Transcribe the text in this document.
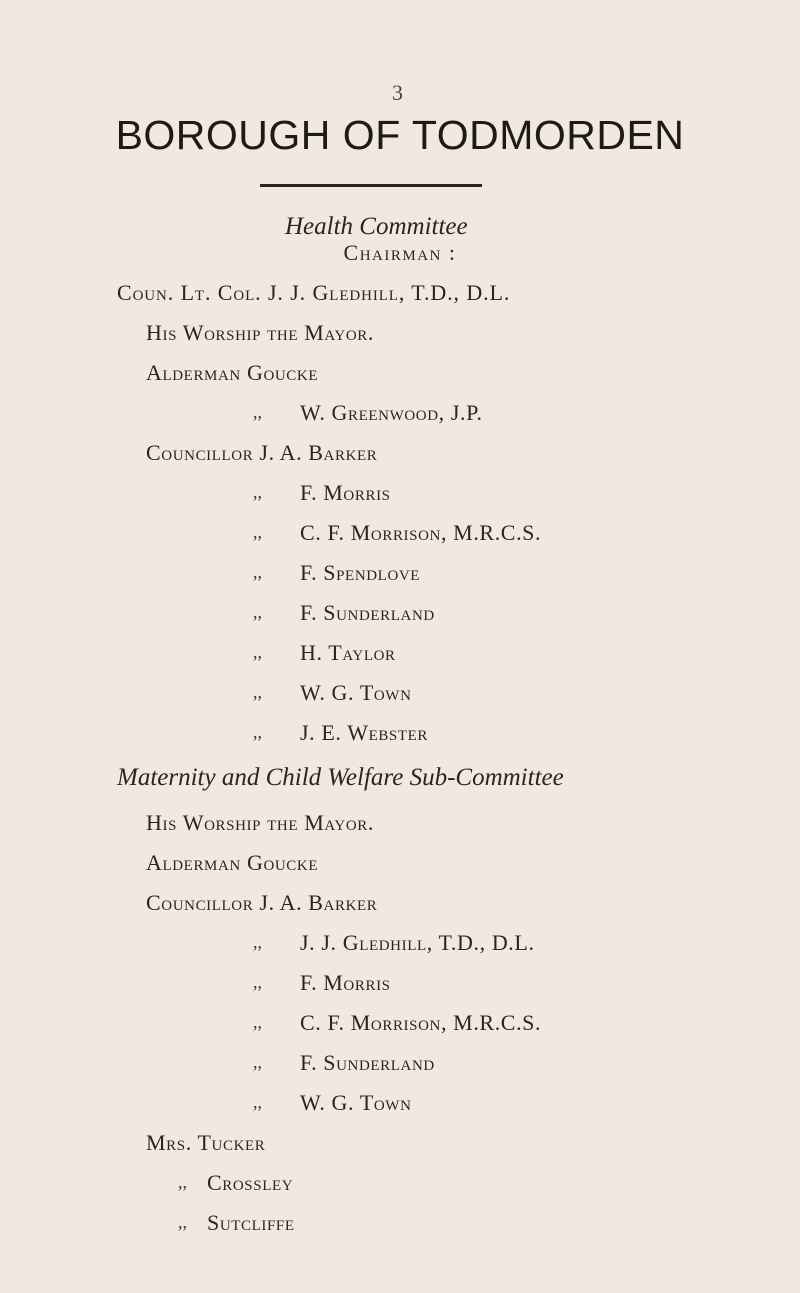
3
BOROUGH OF TODMORDEN
Health Committee
Chairman :
Coun. Lt. Col. J. J. Gledhill, T.D., D.L.
His Worship the Mayor.
Alderman Goucke
,, W. Greenwood, J.P.
Councillor J. A. Barker
,, F. Morris
,, C. F. Morrison, M.R.C.S.
,, F. Spendlove
,, F. Sunderland
,, H. Taylor
,, W. G. Town
,, J. E. Webster
Maternity and Child Welfare Sub-Committee
His Worship the Mayor.
Alderman Goucke
Councillor J. A. Barker
,, J. J. Gledhill, T.D., D.L.
,, F. Morris
,, C. F. Morrison, M.R.C.S.
,, F. Sunderland
,, W. G. Town
Mrs. Tucker
,, Crossley
,, Sutcliffe
